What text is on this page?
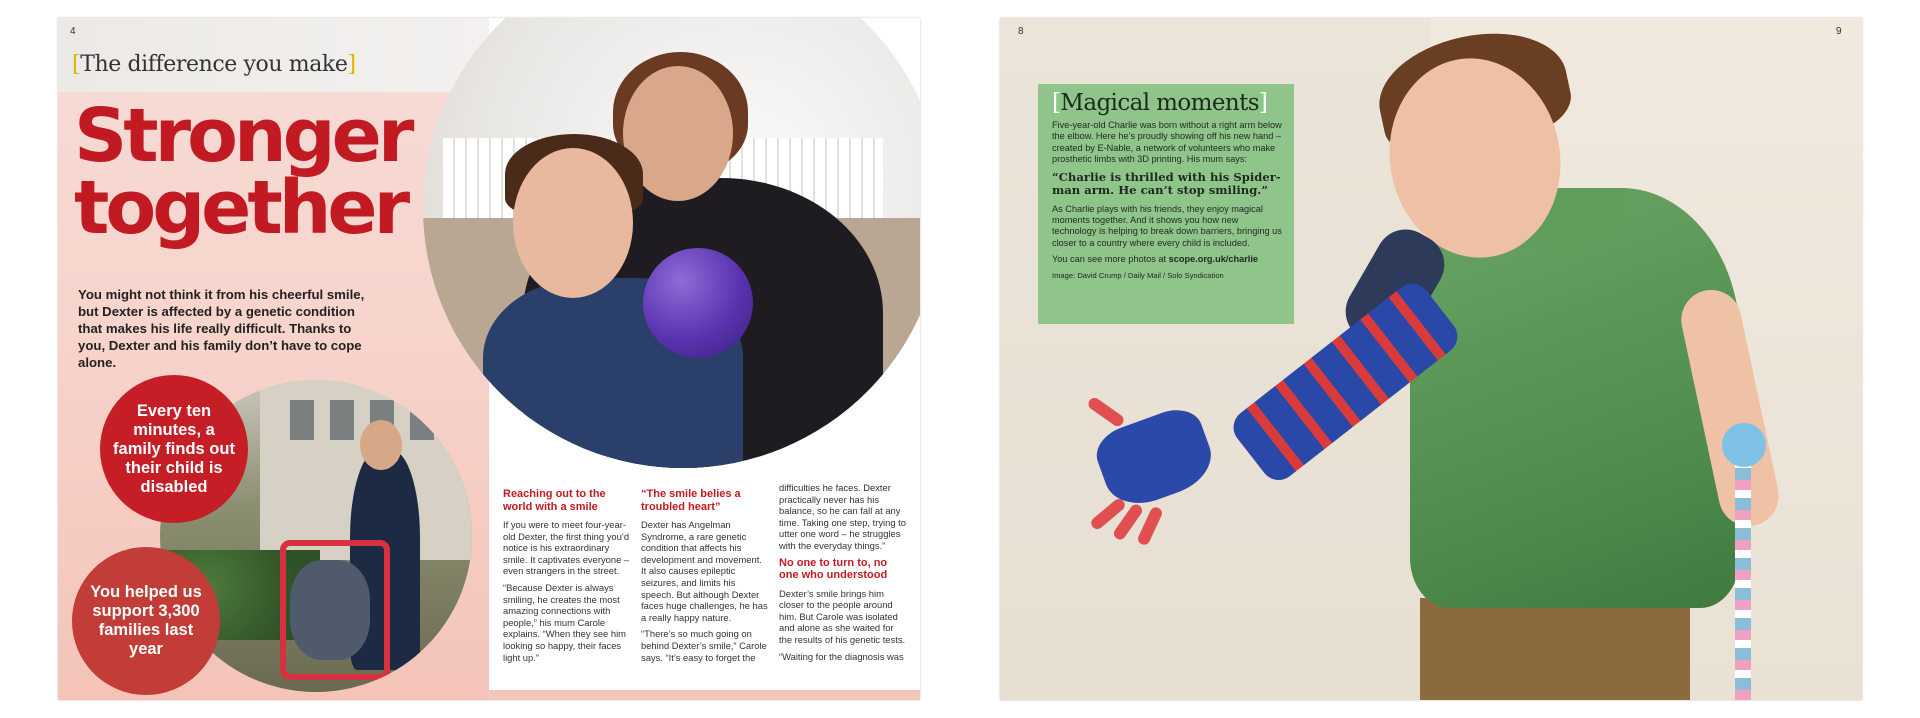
4
[The difference you make]
Stronger
together

You might not think it from his cheerful smile, but Dexter is affected by a genetic condition that makes his life really difficult. Thanks to you, Dexter and his family don’t have to cope alone.

Every ten minutes, a family finds out their child is disabled
You helped us support 3,300 families last year
Reaching out to the world with a smile

If you were to meet four-year-old Dexter, the first thing you’d notice is his extraordinary smile. It captivates everyone – even strangers in the street.

“Because Dexter is always smiling, he creates the most amazing connections with people,” his mum Carole explains. “When they see him looking so happy, their faces light up.”

“The smile belies a troubled heart”

Dexter has Angelman Syndrome, a rare genetic condition that affects his development and movement. It also causes epileptic seizures, and limits his speech. But although Dexter faces huge challenges, he has a really happy nature.

“There’s so much going on behind Dexter’s smile,” Carole says. “It’s easy to forget the

difficulties he faces. Dexter practically never has his balance, so he can fall at any time. Taking one step, trying to utter one word – he struggles with the everyday things.”

No one to turn to, no one who understood

Dexter’s smile brings him closer to the people around him. But Carole was isolated and alone as she waited for the results of his genetic tests.

“Waiting for the diagnosis was

8	9
[Magical moments]

Five-year-old Charlie was born without a right arm below the elbow. Here he’s proudly showing off his new hand – created by E-Nable, a network of volunteers who make prosthetic limbs with 3D printing. His mum says:

“Charlie is thrilled with his Spider-man arm. He can’t stop smiling.”

As Charlie plays with his friends, they enjoy magical moments together. And it shows you how new technology is helping to break down barriers, bringing us closer to a country where every child is included.

You can see more photos at scope.org.uk/charlie

Image: David Crump / Daily Mail / Solo Syndication
